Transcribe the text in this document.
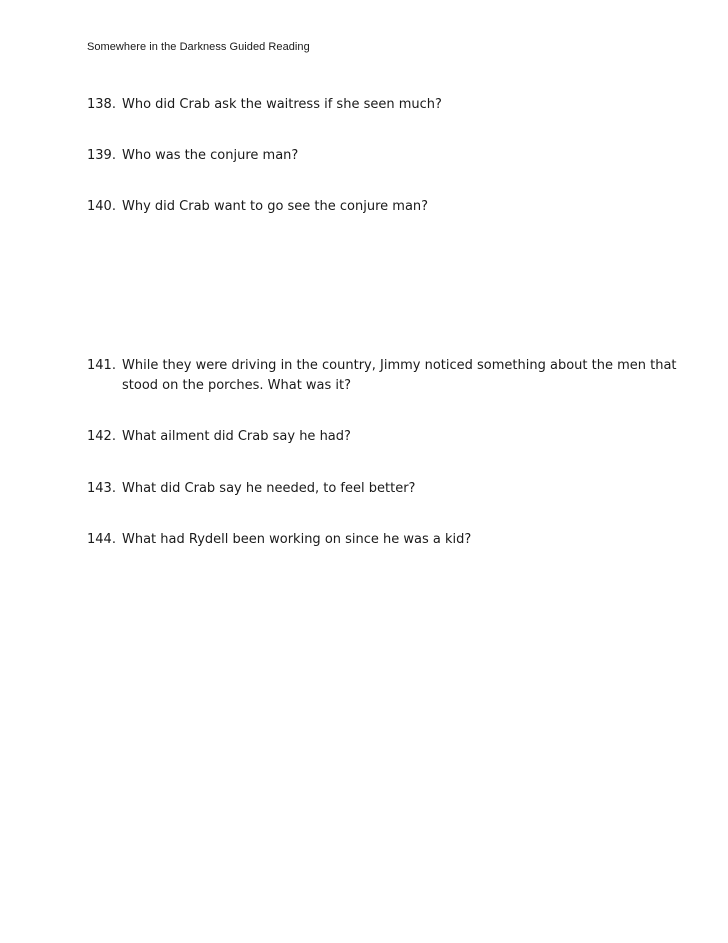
Somewhere in the Darkness Guided Reading
138. Who did Crab ask the waitress if she seen much?
139. Who was the conjure man?
140. Why did Crab want to go see the conjure man?
141. While they were driving in the country, Jimmy noticed something about the men that stood on the porches. What was it?
142. What ailment did Crab say he had?
143. What did Crab say he needed, to feel better?
144. What had Rydell been working on since he was a kid?
